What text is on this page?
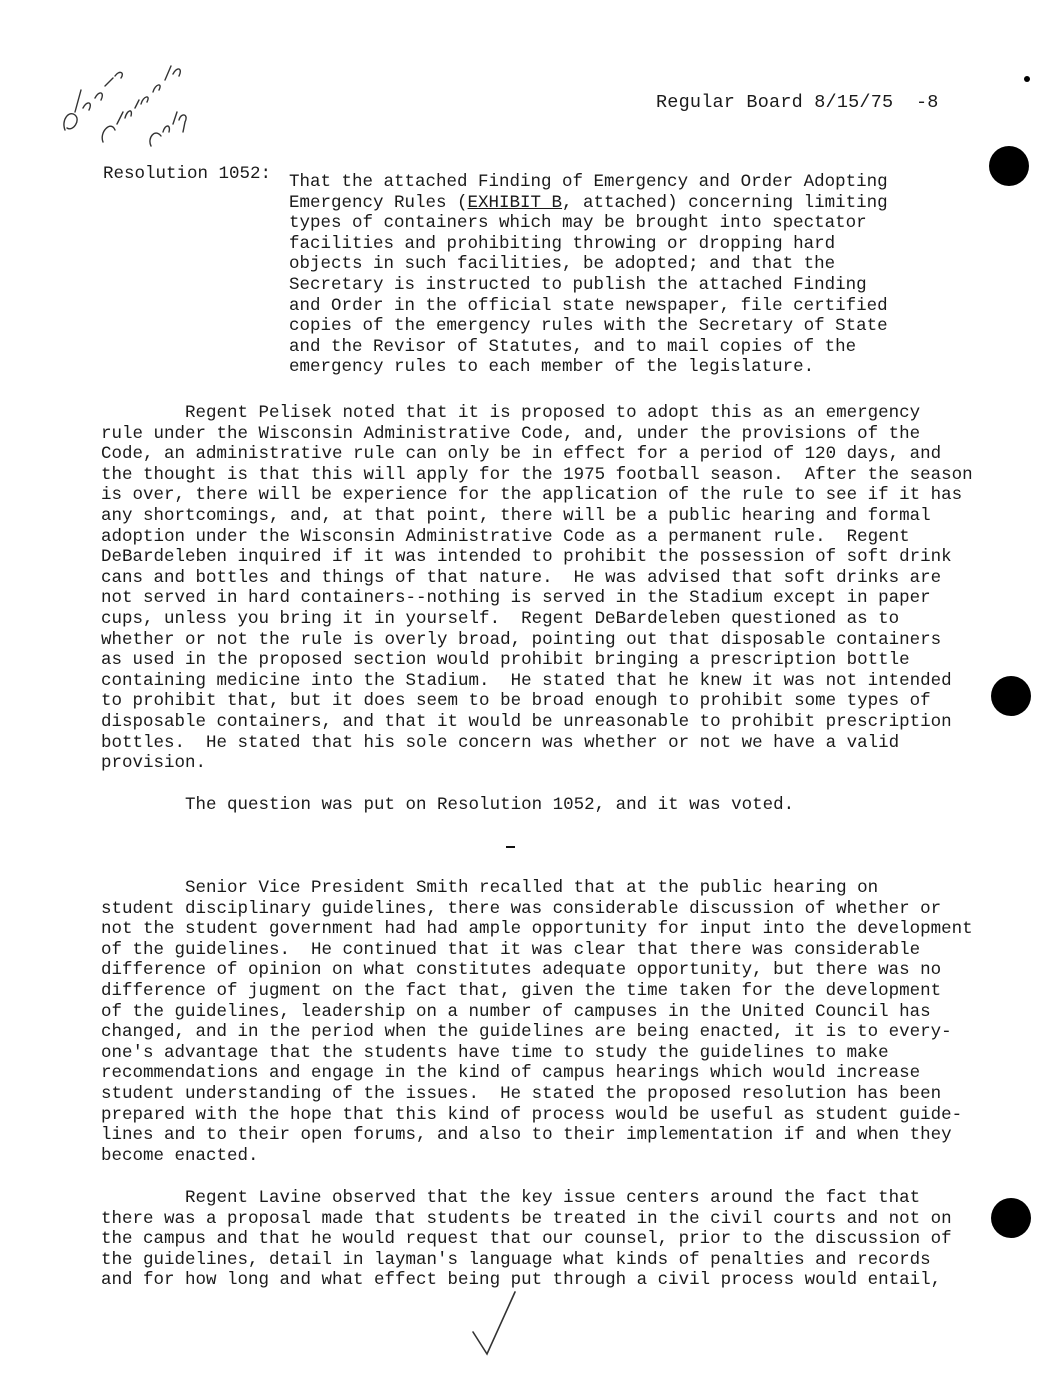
Regular Board 8/15/75  -8
Resolution 1052: That the attached Finding of Emergency and Order Adopting
Emergency Rules (EXHIBIT B, attached) concerning limiting
types of containers which may be brought into spectator
facilities and prohibiting throwing or dropping hard
objects in such facilities, be adopted; and that the
Secretary is instructed to publish the attached Finding
and Order in the official state newspaper, file certified
copies of the emergency rules with the Secretary of State
and the Revisor of Statutes, and to mail copies of the
emergency rules to each member of the legislature.
Regent Pelisek noted that it is proposed to adopt this as an emergency
rule under the Wisconsin Administrative Code, and, under the provisions of the
Code, an administrative rule can only be in effect for a period of 120 days, and
the thought is that this will apply for the 1975 football season.  After the season
is over, there will be experience for the application of the rule to see if it has
any shortcomings, and, at that point, there will be a public hearing and formal
adoption under the Wisconsin Administrative Code as a permanent rule.  Regent
DeBardeleben inquired if it was intended to prohibit the possession of soft drink
cans and bottles and things of that nature.  He was advised that soft drinks are
not served in hard containers--nothing is served in the Stadium except in paper
cups, unless you bring it in yourself.  Regent DeBardeleben questioned as to
whether or not the rule is overly broad, pointing out that disposable containers
as used in the proposed section would prohibit bringing a prescription bottle
containing medicine into the Stadium.  He stated that he knew it was not intended
to prohibit that, but it does seem to be broad enough to prohibit some types of
disposable containers, and that it would be unreasonable to prohibit prescription
bottles.  He stated that his sole concern was whether or not we have a valid
provision.
The question was put on Resolution 1052, and it was voted.
Senior Vice President Smith recalled that at the public hearing on
student disciplinary guidelines, there was considerable discussion of whether or
not the student government had had ample opportunity for input into the development
of the guidelines.  He continued that it was clear that there was considerable
difference of opinion on what constitutes adequate opportunity, but there was no
difference of jugment on the fact that, given the time taken for the development
of the guidelines, leadership on a number of campuses in the United Council has
changed, and in the period when the guidelines are being enacted, it is to every-
one's advantage that the students have time to study the guidelines to make
recommendations and engage in the kind of campus hearings which would increase
student understanding of the issues.  He stated the proposed resolution has been
prepared with the hope that this kind of process would be useful as student guide-
lines and to their open forums, and also to their implementation if and when they
become enacted.
Regent Lavine observed that the key issue centers around the fact that
there was a proposal made that students be treated in the civil courts and not on
the campus and that he would request that our counsel, prior to the discussion of
the guidelines, detail in layman's language what kinds of penalties and records
and for how long and what effect being put through a civil process would entail,
